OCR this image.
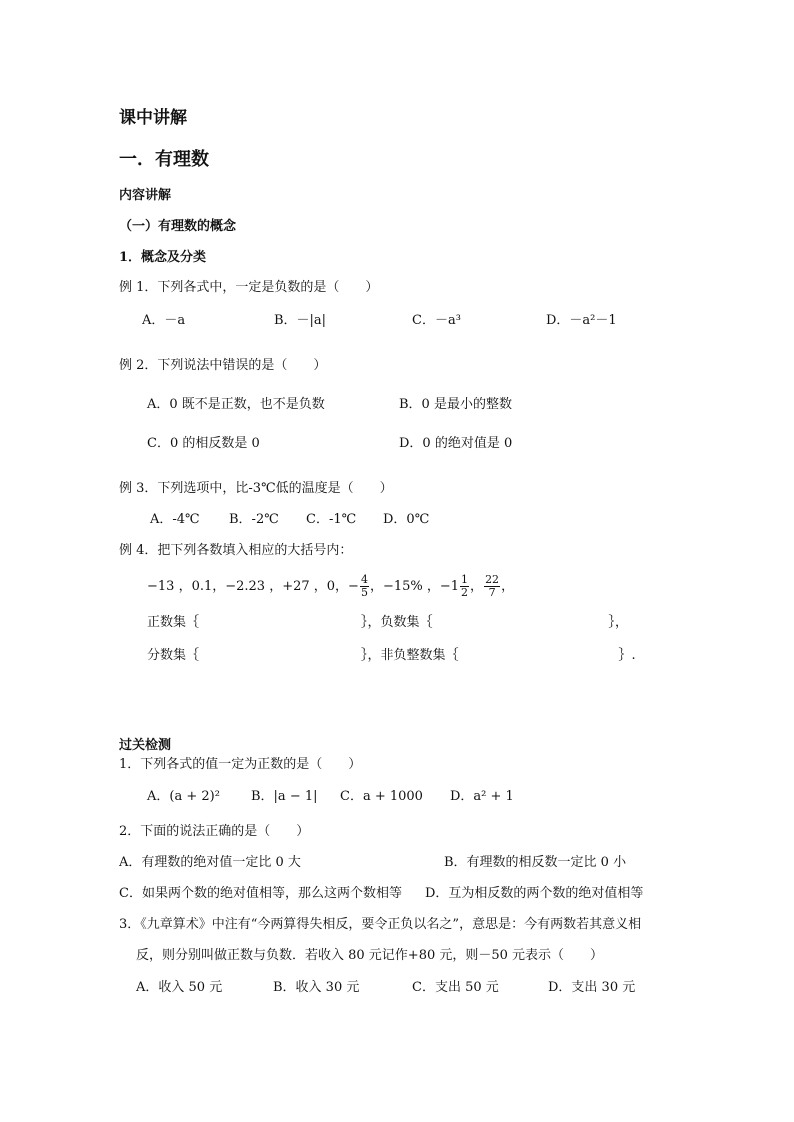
课中讲解
一．有理数
内容讲解
（一）有理数的概念
1．概念及分类
例 1．下列各式中，一定是负数的是（　　）
A．－a	B．－|a|	C．－a³	D．－a²－1
例 2．下列说法中错误的是（　　）
A．0 既不是正数，也不是负数	B．0 是最小的整数
C．0 的相反数是 0	D．0 的绝对值是 0
例 3．下列选项中，比-3℃低的温度是（　　）
A．-4℃ B．-2℃ C．-1℃ D．0℃
例 4．把下列各数填入相应的大括号内：
−13 ，0.1，−2.23 ，+27 ，0，− $\frac{4}{5}$ ，−15% ，$-1 \frac{1}{2}$ ， $\frac{22}{7}$ ，
正数集｛	｝，负数集｛	｝，
分数集｛	｝，非负整数集｛	｝.
过关检测
1．下列各式的值一定为正数的是（　　）
A．(a + 2)² B．|a − 1| C．a + 1000 D．a² + 1
2．下面的说法正确的是（　　）
A．有理数的绝对值一定比 0 大	B．有理数的相反数一定比 0 小
C．如果两个数的绝对值相等，那么这两个数相等 D．互为相反数的两个数的绝对值相等
3．《九章算术》中注有“今两算得失相反，要令正负以名之”，意思是：今有两数若其意义相
反，则分别叫做正数与负数．若收入 80 元记作+80 元，则－50 元表示（　　）
A．收入 50 元	B．收入 30 元	C．支出 50 元	D．支出 30 元
